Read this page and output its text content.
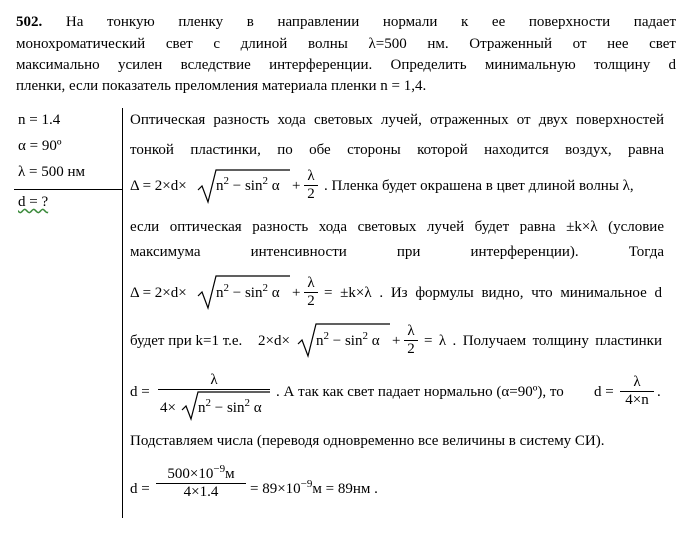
502. На тонкую пленку в направлении нормали к ее поверхности падает
монохроматический свет с длиной волны λ=500 нм. Отраженный от нее свет
максимально усилен вследствие интерференции. Определить минимальную толщину d
пленки, если показатель преломления материала пленки n = 1,4.
n = 1.4
α = 90º
λ = 500 нм
d = ?
Оптическая разность хода световых лучей, отраженных от двух поверхностей
тонкой пластинки, по обе стороны которой находится воздух, равна
$\Delta = 2\times d\times n^2 - \sin^2 \alpha$ +
λ
2 . Пленка будет окрашена в цвет длиной волны λ,
если оптическая разность хода световых лучей будет равна ±k×λ (условие
максимума интенсивности при интерференции). Тогда
$\Delta = 2\times d\times n^2 - \sin^2 \alpha$ +
λ
2 = ±k×λ . Из формулы видно, что минимальное d
будет при k=1 т.е. $2\times d\times n^2 - \sin^2 \alpha$ +
λ
2 = λ . Получаем толщину пластинки
d =
λ

$4\times n^2 - \sin^2 \alpha$
. А так как свет падает нормально (α=90º), то d =
λ
4×n .
Подставляем числа (переводя одновременно все величины в систему СИ).
d =
$500\times 10^{-9}м$
4×1.4	= $89\times 10^{-9}м = 89нм$ .
